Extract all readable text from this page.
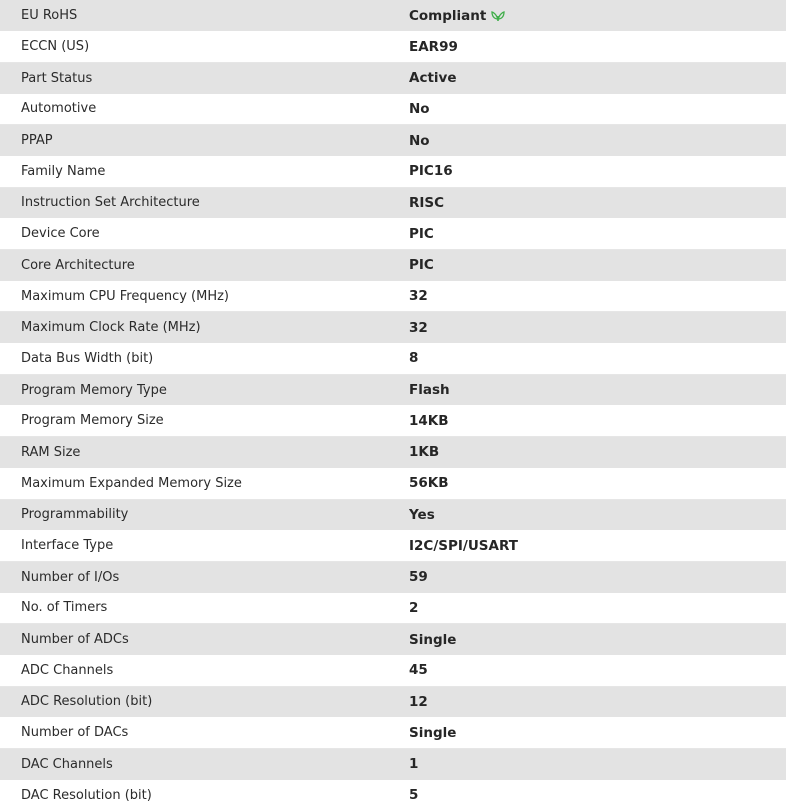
EU RoHS	Compliant
ECCN (US)	EAR99
Part Status	Active
Automotive	No
PPAP	No
Family Name	PIC16
Instruction Set Architecture	RISC
Device Core	PIC
Core Architecture	PIC
Maximum CPU Frequency (MHz)	32
Maximum Clock Rate (MHz)	32
Data Bus Width (bit)	8
Program Memory Type	Flash
Program Memory Size	14KB
RAM Size	1KB
Maximum Expanded Memory Size	56KB
Programmability	Yes
Interface Type	I2C/SPI/USART
Number of I/Os	59
No. of Timers	2
Number of ADCs	Single
ADC Channels	45
ADC Resolution (bit)	12
Number of DACs	Single
DAC Channels	1
DAC Resolution (bit)	5
